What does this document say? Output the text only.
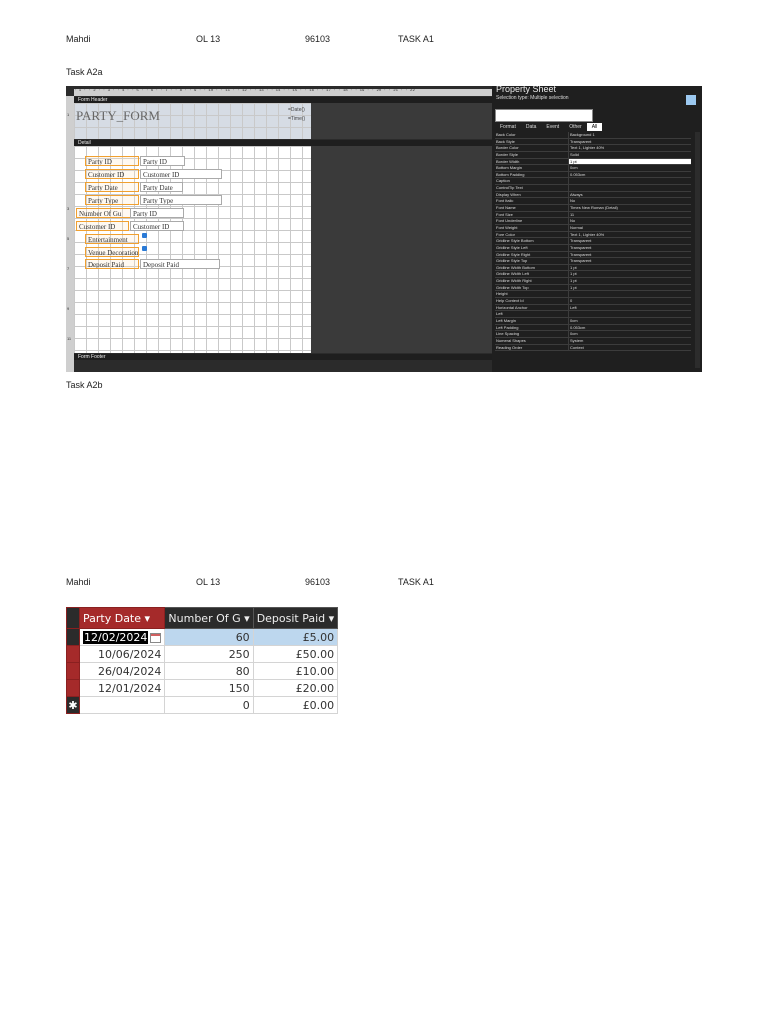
Mahdi	OL 13	96103	TASK A1
Task A2a
· 1 · · 2 · · 3 · · 4 · · 5 · · 6 · · 7 · · 8 · · 9 · · 10 · · 11 · · 12 · · 13 · · 14 · · 15 · · 16 · · 17 · · 18 · · 19 · · 20 · · 21 · · 22
1
3
5
7
9
11
Form Header
PARTY_FORM	=Date()
=Time()
Detail
Party ID	Party ID
Customer ID	Customer ID
Party Date	Party Date
Party Type	Party Type
Number Of Gu	Party ID
Customer ID	Customer ID
Entertainment
Venue Decoration
Deposit Paid	Deposit Paid
Form Footer
Property Sheet
Selection type: Multiple selection
Format	Data	Event	Other	All
Back Color	Background 1
Back Style	Transparent
Border Color	Text 1, Lighter 40%
Border Style	Solid
Border Width	1 pt
Bottom Margin	0cm
Bottom Padding	0.053cm
Caption
ControlTip Text
Display When	Always
Font Italic	No
Font Name	Times New Roman (Detail)
Font Size	11
Font Underline	No
Font Weight	Normal
Fore Color	Text 1, Lighter 40%
Gridline Style Bottom	Transparent
Gridline Style Left	Transparent
Gridline Style Right	Transparent
Gridline Style Top	Transparent
Gridline Width Bottom	1 pt
Gridline Width Left	1 pt
Gridline Width Right	1 pt
Gridline Width Top	1 pt
Height
Help Context Id	0
Horizontal Anchor	Left
Left
Left Margin	0cm
Left Padding	0.053cm
Line Spacing	0cm
Numeral Shapes	System
Reading Order	Context
Task A2b
Mahdi	OL 13	96103	TASK A1
	Party Date ▾	Number Of G ▾	Deposit Paid ▾
	12/02/2024	60	£5.00
	10/06/2024	250	£50.00
	26/04/2024	80	£10.00
	12/01/2024	150	£20.00
✱		0	£0.00
